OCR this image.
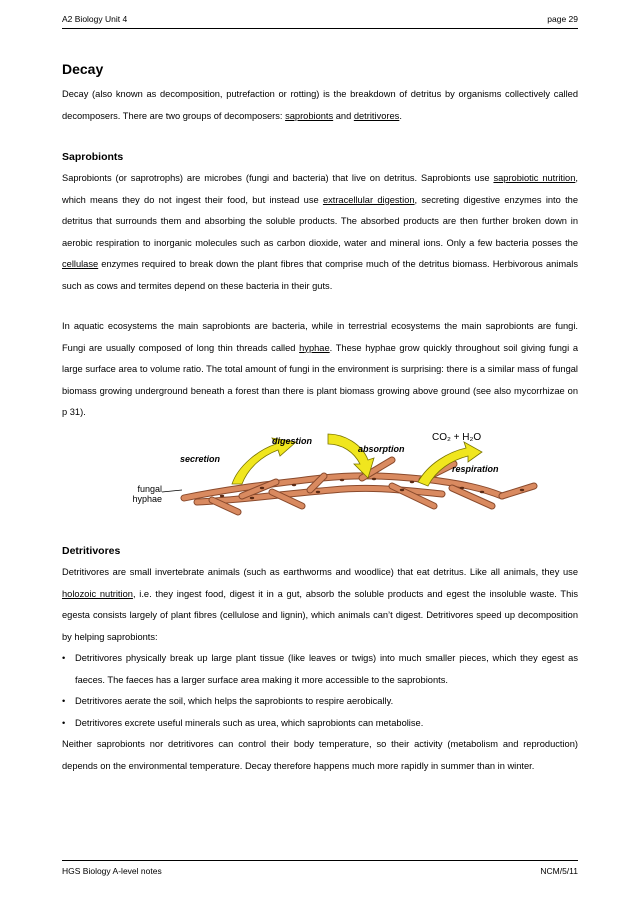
A2 Biology Unit 4	page 29
Decay

Decay (also known as decomposition, putrefaction or rotting) is the breakdown of detritus by organisms collectively called decomposers. There are two groups of decomposers: saprobionts and detritivores.

Saprobionts

Saprobionts (or saprotrophs) are microbes (fungi and bacteria) that live on detritus. Saprobionts use saprobiotic nutrition, which means they do not ingest their food, but instead use extracellular digestion, secreting digestive enzymes into the detritus that surrounds them and absorbing the soluble products. The absorbed products are then further broken down in aerobic respiration to inorganic molecules such as carbon dioxide, water and mineral ions. Only a few bacteria posses the cellulase enzymes required to break down the plant fibres that comprise much of the detritus biomass. Herbivorous animals such as cows and termites depend on these bacteria in their guts.

In aquatic ecosystems the main saprobionts are bacteria, while in terrestrial ecosystems the main saprobionts are fungi. Fungi are usually composed of long thin threads called hyphae. These hyphae grow quickly throughout soil giving fungi a large surface area to volume ratio. The total amount of fungi in the environment is surprising: there is a similar mass of fungal biomass growing underground beneath a forest than there is plant biomass growing above ground (see also mycorrhizae on p 31).

secretion
digestion
absorption
respiration
CO₂ + H₂O
fungal
hyphae
Detritivores

Detritivores are small invertebrate animals (such as earthworms and woodlice) that eat detritus. Like all animals, they use holozoic nutrition, i.e. they ingest food, digest it in a gut, absorb the soluble products and egest the insoluble waste. This egesta consists largely of plant fibres (cellulose and lignin), which animals can’t digest. Detritivores speed up decomposition by helping saprobionts:

• Detritivores physically break up large plant tissue (like leaves or twigs) into much smaller pieces, which they egest as faeces. The faeces has a larger surface area making it more accessible to the saprobionts.
• Detritivores aerate the soil, which helps the saprobionts to respire aerobically.
• Detritivores excrete useful minerals such as urea, which saprobionts can metabolise.

Neither saprobionts nor detritivores can control their body temperature, so their activity (metabolism and reproduction) depends on the environmental temperature. Decay therefore happens much more rapidly in summer than in winter.

HGS Biology A-level notes	NCM/5/11
